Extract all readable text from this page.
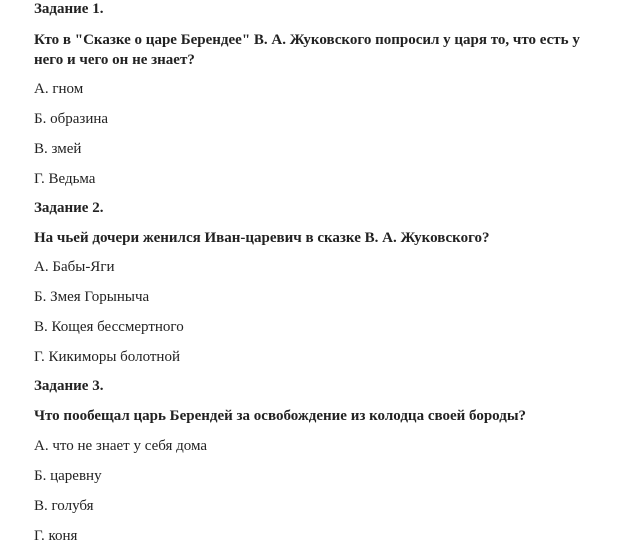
Задание 1.

Кто в "Сказке о царе Берендее" В. А. Жуковского попросил у царя то, что есть у него и чего он не знает?

А. гном

Б. образина

В. змей

Г. Ведьма

Задание 2.

На чьей дочери женился Иван-царевич в сказке В. А. Жуковского?

А. Бабы-Яги

Б. Змея Горыныча

В. Кощея бессмертного

Г. Кикиморы болотной

Задание 3.

Что пообещал царь Берендей за освобождение из колодца своей бороды?

А. что не знает у себя дома

Б. царевну

В. голубя

Г. коня
